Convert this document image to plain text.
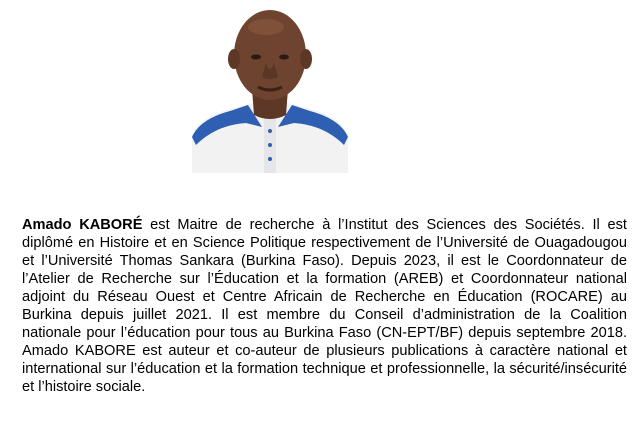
Amado KABORÉ est Maitre de recherche à l’Institut des Sciences des Sociétés. Il est diplômé en Histoire et en Science Politique respectivement de l’Université de Ouagadougou et l’Université Thomas Sankara (Burkina Faso). Depuis 2023, il est le Coordonnateur de l’Atelier de Recherche sur l’Éducation et la formation (AREB) et Coordonnateur national adjoint du Réseau Ouest et Centre Africain de Recherche en Éducation (ROCARE) au Burkina depuis juillet 2021. Il est membre du Conseil d’administration de la Coalition nationale pour l’éducation pour tous au Burkina Faso (CN-EPT/BF) depuis septembre 2018. Amado KABORE est auteur et co-auteur de plusieurs publications à caractère national et international sur l’éducation et la formation technique et professionnelle, la sécurité/insécurité et l’histoire sociale.
